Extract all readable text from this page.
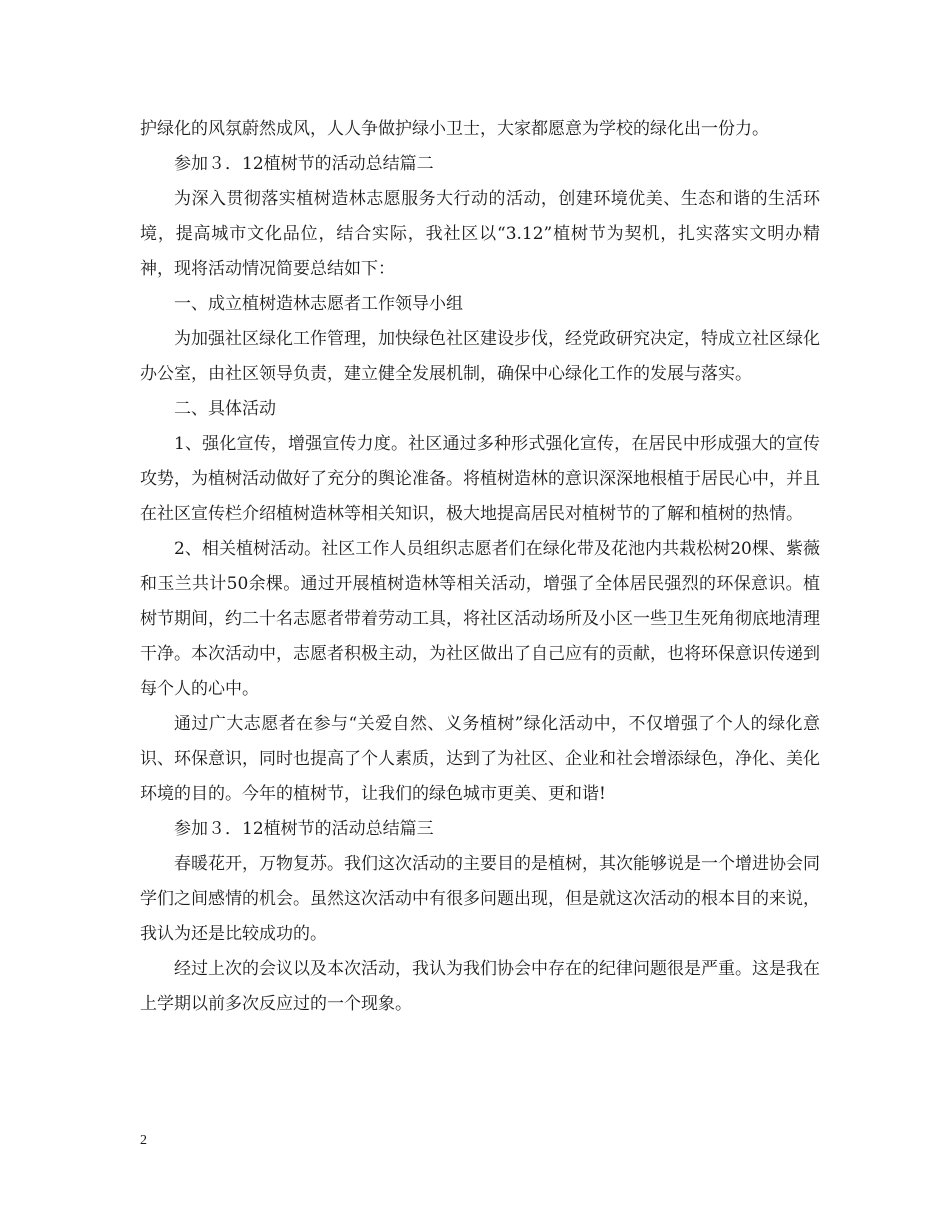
护绿化的风氛蔚然成风，人人争做护绿小卫士，大家都愿意为学校的绿化出一份力。

参加３．12植树节的活动总结篇二

为深入贯彻落实植树造林志愿服务大行动的活动，创建环境优美、生态和谐的生活环境，提高城市文化品位，结合实际，我社区以“3.12”植树节为契机，扎实落实文明办精神，现将活动情况简要总结如下：

一、成立植树造林志愿者工作领导小组

为加强社区绿化工作管理，加快绿色社区建设步伐，经党政研究决定，特成立社区绿化办公室，由社区领导负责，建立健全发展机制，确保中心绿化工作的发展与落实。

二、具体活动

1、强化宣传，增强宣传力度。社区通过多种形式强化宣传，在居民中形成强大的宣传攻势，为植树活动做好了充分的舆论准备。将植树造林的意识深深地根植于居民心中，并且在社区宣传栏介绍植树造林等相关知识，极大地提高居民对植树节的了解和植树的热情。

2、相关植树活动。社区工作人员组织志愿者们在绿化带及花池内共栽松树20棵、紫薇和玉兰共计50余棵。通过开展植树造林等相关活动，增强了全体居民强烈的环保意识。植树节期间，约二十名志愿者带着劳动工具，将社区活动场所及小区一些卫生死角彻底地清理干净。本次活动中，志愿者积极主动，为社区做出了自己应有的贡献，也将环保意识传递到每个人的心中。

通过广大志愿者在参与“关爱自然、义务植树”绿化活动中，不仅增强了个人的绿化意识、环保意识，同时也提高了个人素质，达到了为社区、企业和社会增添绿色，净化、美化环境的目的。今年的植树节，让我们的绿色城市更美、更和谐!

参加３．12植树节的活动总结篇三

春暖花开，万物复苏。我们这次活动的主要目的是植树，其次能够说是一个增进协会同学们之间感情的机会。虽然这次活动中有很多问题出现，但是就这次活动的根本目的来说，我认为还是比较成功的。

经过上次的会议以及本次活动，我认为我们协会中存在的纪律问题很是严重。这是我在上学期以前多次反应过的一个现象。

2
